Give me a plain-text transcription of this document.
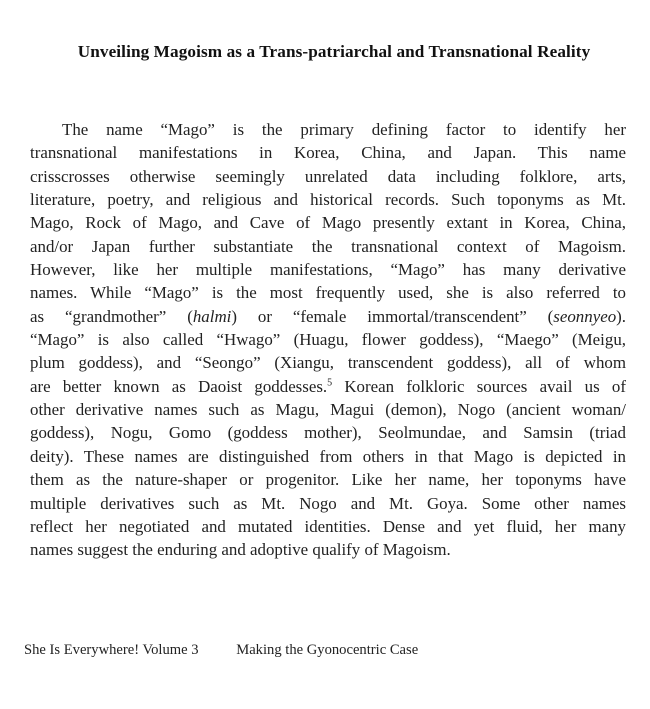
Unveiling Magoism as a Trans-patriarchal and Transnational Reality
The name “Mago” is the primary defining factor to identify her
transnational manifestations in Korea, China, and Japan. This name
crisscrosses otherwise seemingly unrelated data including folklore, arts,
literature, poetry, and religious and historical records. Such toponyms as Mt.
Mago, Rock of Mago, and Cave of Mago presently extant in Korea, China,
and/or Japan further substantiate the transnational context of Magoism.
However, like her multiple manifestations, “Mago” has many derivative
names. While “Mago” is the most frequently used, she is also referred to
as “grandmother” (halmi) or “female immortal/transcendent” (seonnyeo).
“Mago” is also called “Hwago” (Huagu, flower goddess), “Maego” (Meigu,
plum goddess), and “Seongo” (Xiangu, transcendent goddess), all of whom
are better known as Daoist goddesses.$^5$ Korean folkloric sources avail us of
other derivative names such as Magu, Magui (demon), Nogo (ancient woman/
goddess), Nogu, Gomo (goddess mother), Seolmundae, and Samsin (triad
deity). These names are distinguished from others in that Mago is depicted in
them as the nature-shaper or progenitor. Like her name, her toponyms have
multiple derivatives such as Mt. Nogo and Mt. Goya. Some other names
reflect her negotiated and mutated identities. Dense and yet fluid, her many
names suggest the enduring and adoptive qualify of Magoism.
She Is Everywhere! Volume 3	Making the Gyonocentric Case
